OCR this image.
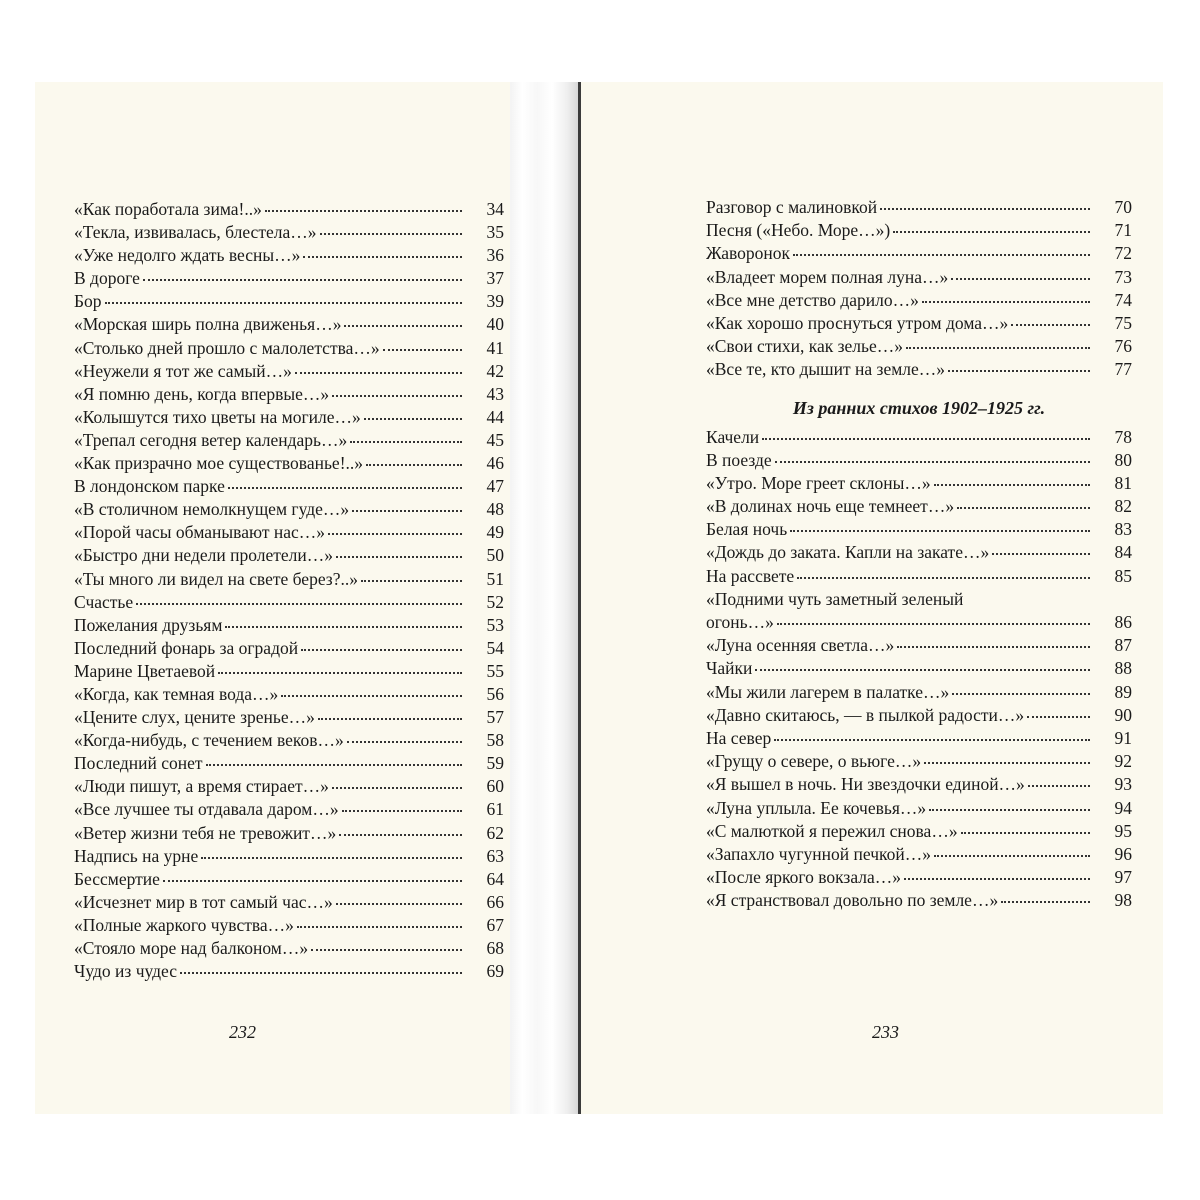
«Как поработала зима!..»	34
«Текла, извивалась, блестела…»	35
«Уже недолго ждать весны…»	36
В дороге	37
Бор	39
«Морская ширь полна движенья…»	40
«Столько дней прошло с малолетства…»	41
«Неужели я тот же самый…»	42
«Я помню день, когда впервые…»	43
«Колышутся тихо цветы на могиле…»	44
«Трепал сегодня ветер календарь…»	45
«Как призрачно мое существованье!..»	46
В лондонском парке	47
«В столичном немолкнущем гуде…»	48
«Порой часы обманывают нас…»	49
«Быстро дни недели пролетели…»	50
«Ты много ли видел на свете берез?..»	51
Счастье	52
Пожелания друзьям	53
Последний фонарь за оградой	54
Марине Цветаевой	55
«Когда, как темная вода…»	56
«Цените слух, цените зренье…»	57
«Когда-нибудь, с течением веков…»	58
Последний сонет	59
«Люди пишут, а время стирает…»	60
«Все лучшее ты отдавала даром…»	61
«Ветер жизни тебя не тревожит…»	62
Надпись на урне	63
Бессмертие	64
«Исчезнет мир в тот самый час…»	66
«Полные жаркого чувства…»	67
«Стояло море над балконом…»	68
Чудо из чудес	69
232
Разговор с малиновкой	70
Песня («Небо. Море…»)	71
Жаворонок	72
«Владеет морем полная луна…»	73
«Все мне детство дарило…»	74
«Как хорошо проснуться утром дома…»	75
«Свои стихи, как зелье…»	76
«Все те, кто дышит на земле…»	77
Из ранних стихов 1902–1925 гг.
Качели	78
В поезде	80
«Утро. Море греет склоны…»	81
«В долинах ночь еще темнеет…»	82
Белая ночь	83
«Дождь до заката. Капли на закате…»	84
На рассвете	85
«Подними чуть заметный зеленый
огонь…»	86
«Луна осенняя светла…»	87
Чайки	88
«Мы жили лагерем в палатке…»	89
«Давно скитаюсь, — в пылкой радости…»	90
На север	91
«Грущу о севере, о вьюге…»	92
«Я вышел в ночь. Ни звездочки единой…»	93
«Луна уплыла. Ее кочевья…»	94
«С малюткой я пережил снова…»	95
«Запахло чугунной печкой…»	96
«После яркого вокзала…»	97
«Я странствовал довольно по земле…»	98
233
